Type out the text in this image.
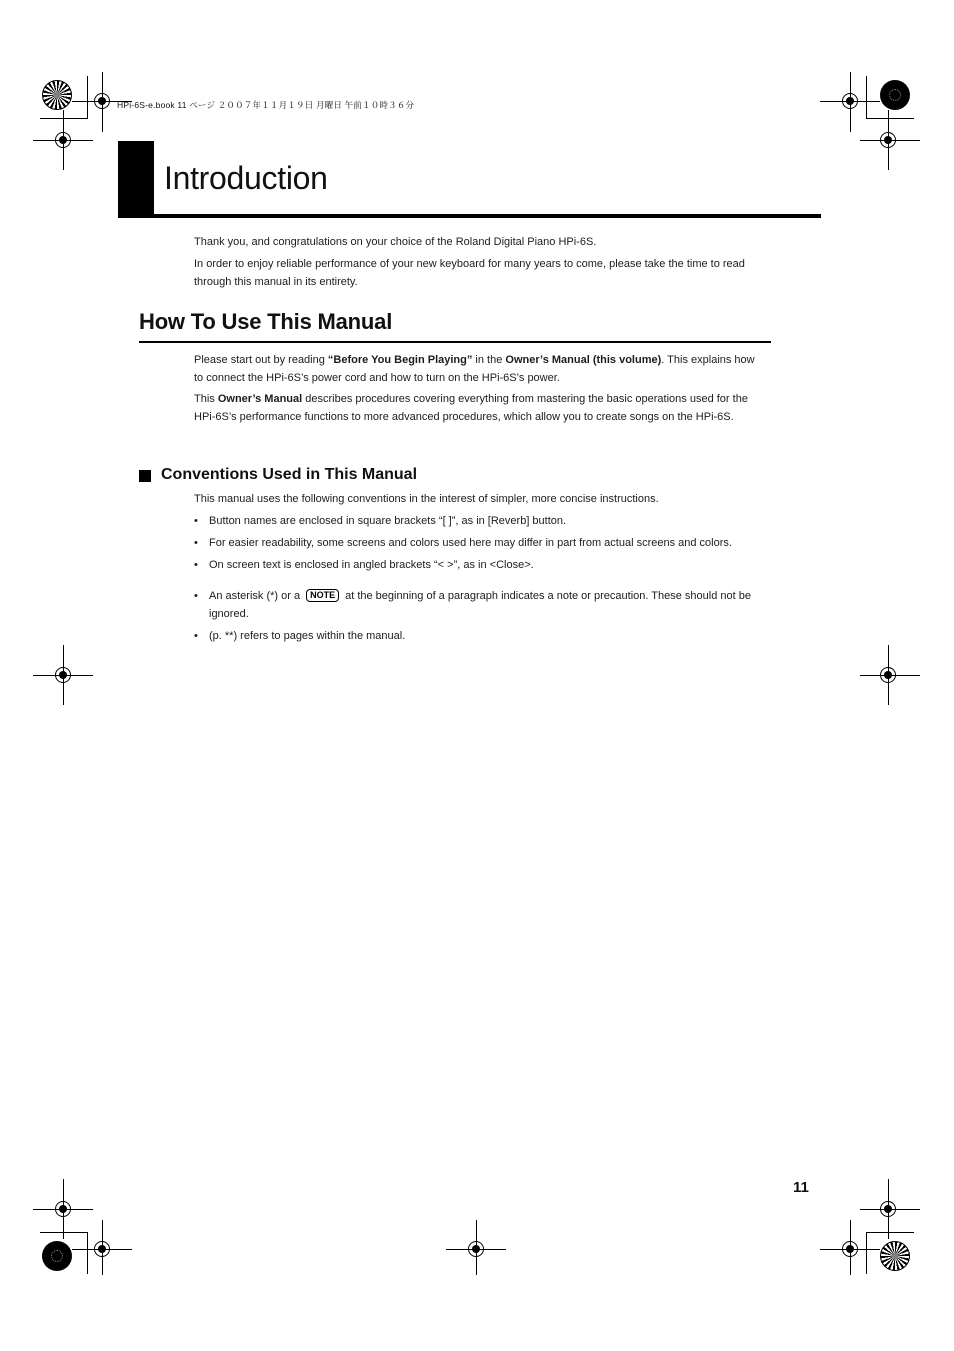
HPi-6S-e.book 11 ページ ２００７年１１月１９日 月曜日 午前１０時３６分
Introduction
Thank you, and congratulations on your choice of the Roland Digital Piano HPi-6S.
In order to enjoy reliable performance of your new keyboard for many years to come, please take the time to read through this manual in its entirety.
How To Use This Manual
Please start out by reading “Before You Begin Playing” in the Owner’s Manual (this volume). This explains how to connect the HPi-6S’s power cord and how to turn on the HPi-6S’s power.
This Owner’s Manual describes procedures covering everything from mastering the basic operations used for the HPi-6S’s performance functions to more advanced procedures, which allow you to create songs on the HPi-6S.
Conventions Used in This Manual
This manual uses the following conventions in the interest of simpler, more concise instructions.
• Button names are enclosed in square brackets “[ ]”, as in [Reverb] button.
• For easier readability, some screens and colors used here may differ in part from actual screens and colors.
• On screen text is enclosed in angled brackets “< >”, as in <Close>.
• An asterisk (*) or a NOTE at the beginning of a paragraph indicates a note or precaution. These should not be ignored.
• (p. **) refers to pages within the manual.
11
